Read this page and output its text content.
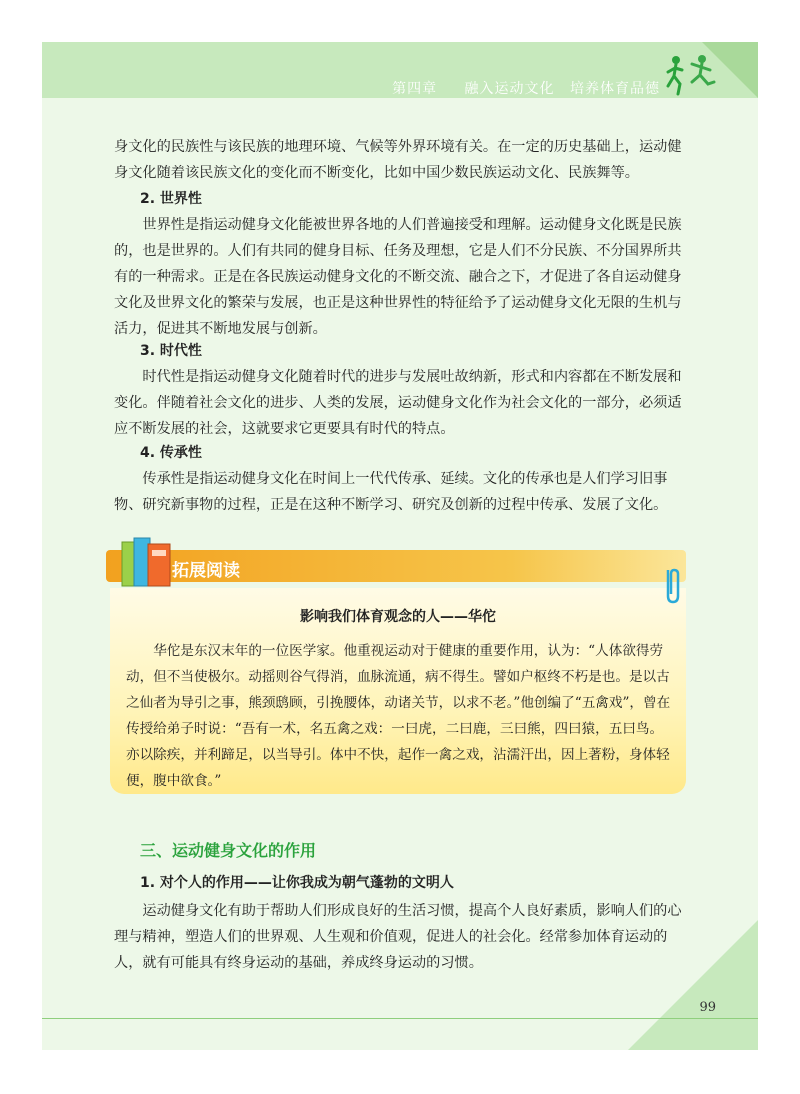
第四章 融入运动文化 培养体育品德

身文化的民族性与该民族的地理环境、气候等外界环境有关。在一定的历史基础上，运动健身文化随着该民族文化的变化而不断变化，比如中国少数民族运动文化、民族舞等。

2. 世界性

世界性是指运动健身文化能被世界各地的人们普遍接受和理解。运动健身文化既是民族的，也是世界的。人们有共同的健身目标、任务及理想，它是人们不分民族、不分国界所共有的一种需求。正是在各民族运动健身文化的不断交流、融合之下，才促进了各自运动健身文化及世界文化的繁荣与发展，也正是这种世界性的特征给予了运动健身文化无限的生机与活力，促进其不断地发展与创新。

3. 时代性

时代性是指运动健身文化随着时代的进步与发展吐故纳新，形式和内容都在不断发展和变化。伴随着社会文化的进步、人类的发展，运动健身文化作为社会文化的一部分，必须适应不断发展的社会，这就要求它更要具有时代的特点。

4. 传承性

传承性是指运动健身文化在时间上一代代传承、延续。文化的传承也是人们学习旧事物、研究新事物的过程，正是在这种不断学习、研究及创新的过程中传承、发展了文化。

拓展阅读
影响我们体育观念的人——华佗

华佗是东汉末年的一位医学家。他重视运动对于健康的重要作用，认为：“人体欲得劳动，但不当使极尔。动摇则谷气得消，血脉流通，病不得生。譬如户枢终不朽是也。是以古之仙者为导引之事，熊颈鸱顾，引挽腰体，动诸关节，以求不老。”他创编了“五禽戏”，曾在传授给弟子时说：“吾有一术，名五禽之戏：一曰虎，二曰鹿，三曰熊，四曰猿，五曰鸟。亦以除疾，并利蹄足，以当导引。体中不快，起作一禽之戏，沾濡汗出，因上著粉，身体轻便，腹中欲食。”

三、运动健身文化的作用
1. 对个人的作用——让你我成为朝气蓬勃的文明人

运动健身文化有助于帮助人们形成良好的生活习惯，提高个人良好素质，影响人们的心理与精神，塑造人们的世界观、人生观和价值观，促进人的社会化。经常参加体育运动的人，就有可能具有终身运动的基础，养成终身运动的习惯。

99
